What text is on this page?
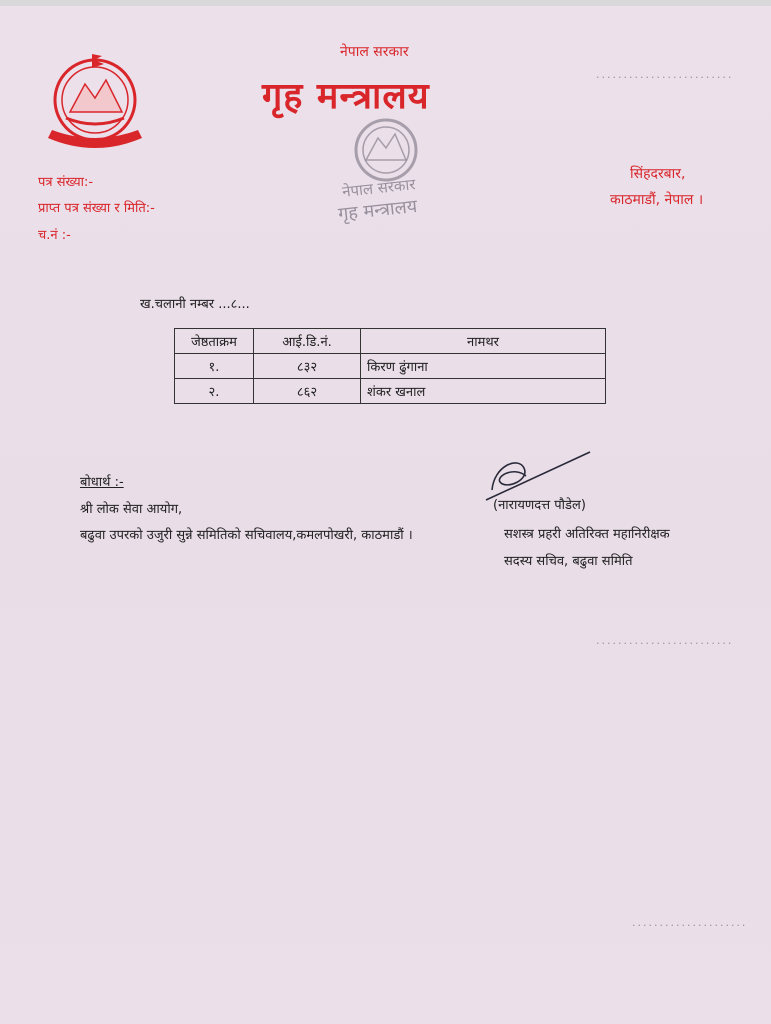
नेपाल सरकार
गृह मन्त्रालय
नेपाल सरकार
गृह मन्त्रालय
पत्र संख्या:-
प्राप्त पत्र संख्या र मिति:-
च.नं :-
सिंहदरबार,
काठमाडौं, नेपाल ।
.........................
ख.चलानी नम्बर ...८...
जेष्ठताक्रम	आई.डि.नं.	नामथर
१.	८३२	किरण ढुंगाना
२.	८६२	शंकर खनाल
बोधार्थ :-
श्री लोक सेवा आयोग,
बढुवा उपरको उजुरी सुन्ने समितिको सचिवालय,कमलपोखरी, काठमाडौं ।
(नारायणदत्त पौडेल)
सशस्त्र प्रहरी अतिरिक्त महानिरीक्षक
सदस्य सचिव, बढुवा समिति
.........................
.....................
